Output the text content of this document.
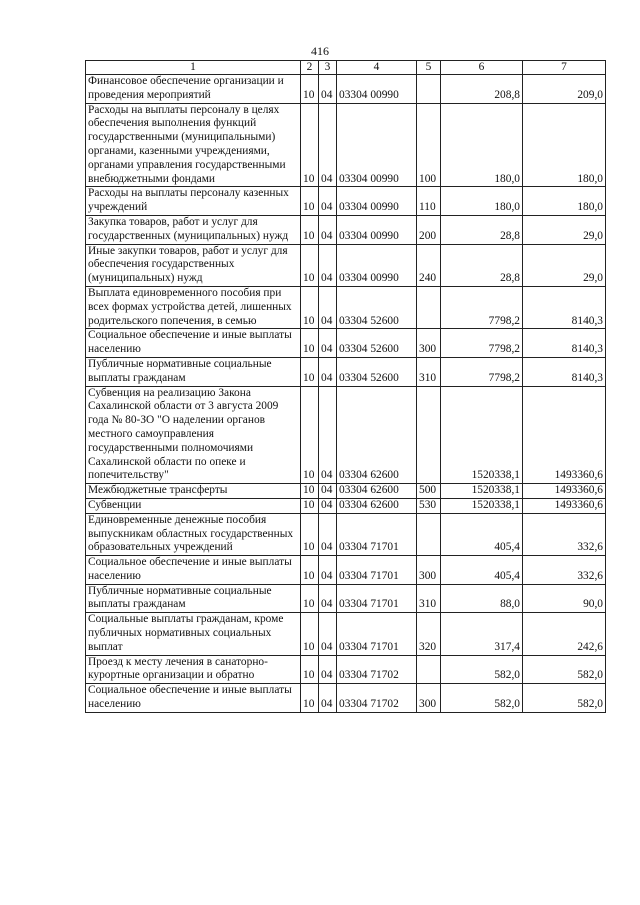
416
1	2	3	4	5	6	7
Финансовое обеспечение организации и проведения мероприятий	10	04	03304 00990		208,8	209,0
Расходы на выплаты персоналу в целях обеспечения выполнения функций государственными (муниципальными) органами, казенными учреждениями, органами управления государственными внебюджетными фондами	10	04	03304 00990	100	180,0	180,0
Расходы на выплаты персоналу казенных учреждений	10	04	03304 00990	110	180,0	180,0
Закупка товаров, работ и услуг для государственных (муниципальных) нужд	10	04	03304 00990	200	28,8	29,0
Иные закупки товаров, работ и услуг для обеспечения государственных (муниципальных) нужд	10	04	03304 00990	240	28,8	29,0
Выплата единовременного пособия при всех формах устройства детей, лишенных родительского попечения, в семью	10	04	03304 52600		7798,2	8140,3
Социальное обеспечение и иные выплаты населению	10	04	03304 52600	300	7798,2	8140,3
Публичные нормативные социальные выплаты гражданам	10	04	03304 52600	310	7798,2	8140,3
Субвенция на реализацию Закона Сахалинской области от 3 августа 2009 года № 80-ЗО "О наделении органов местного самоуправления государственными полномочиями Сахалинской области по опеке и попечительству"	10	04	03304 62600		1520338,1	1493360,6
Межбюджетные трансферты	10	04	03304 62600	500	1520338,1	1493360,6
Субвенции	10	04	03304 62600	530	1520338,1	1493360,6
Единовременные денежные пособия выпускникам областных государственных образовательных учреждений	10	04	03304 71701		405,4	332,6
Социальное обеспечение и иные выплаты населению	10	04	03304 71701	300	405,4	332,6
Публичные нормативные социальные выплаты гражданам	10	04	03304 71701	310	88,0	90,0
Социальные выплаты гражданам, кроме публичных нормативных социальных выплат	10	04	03304 71701	320	317,4	242,6
Проезд к месту лечения в санаторно-курортные организации и обратно	10	04	03304 71702		582,0	582,0
Социальное обеспечение и иные выплаты населению	10	04	03304 71702	300	582,0	582,0
